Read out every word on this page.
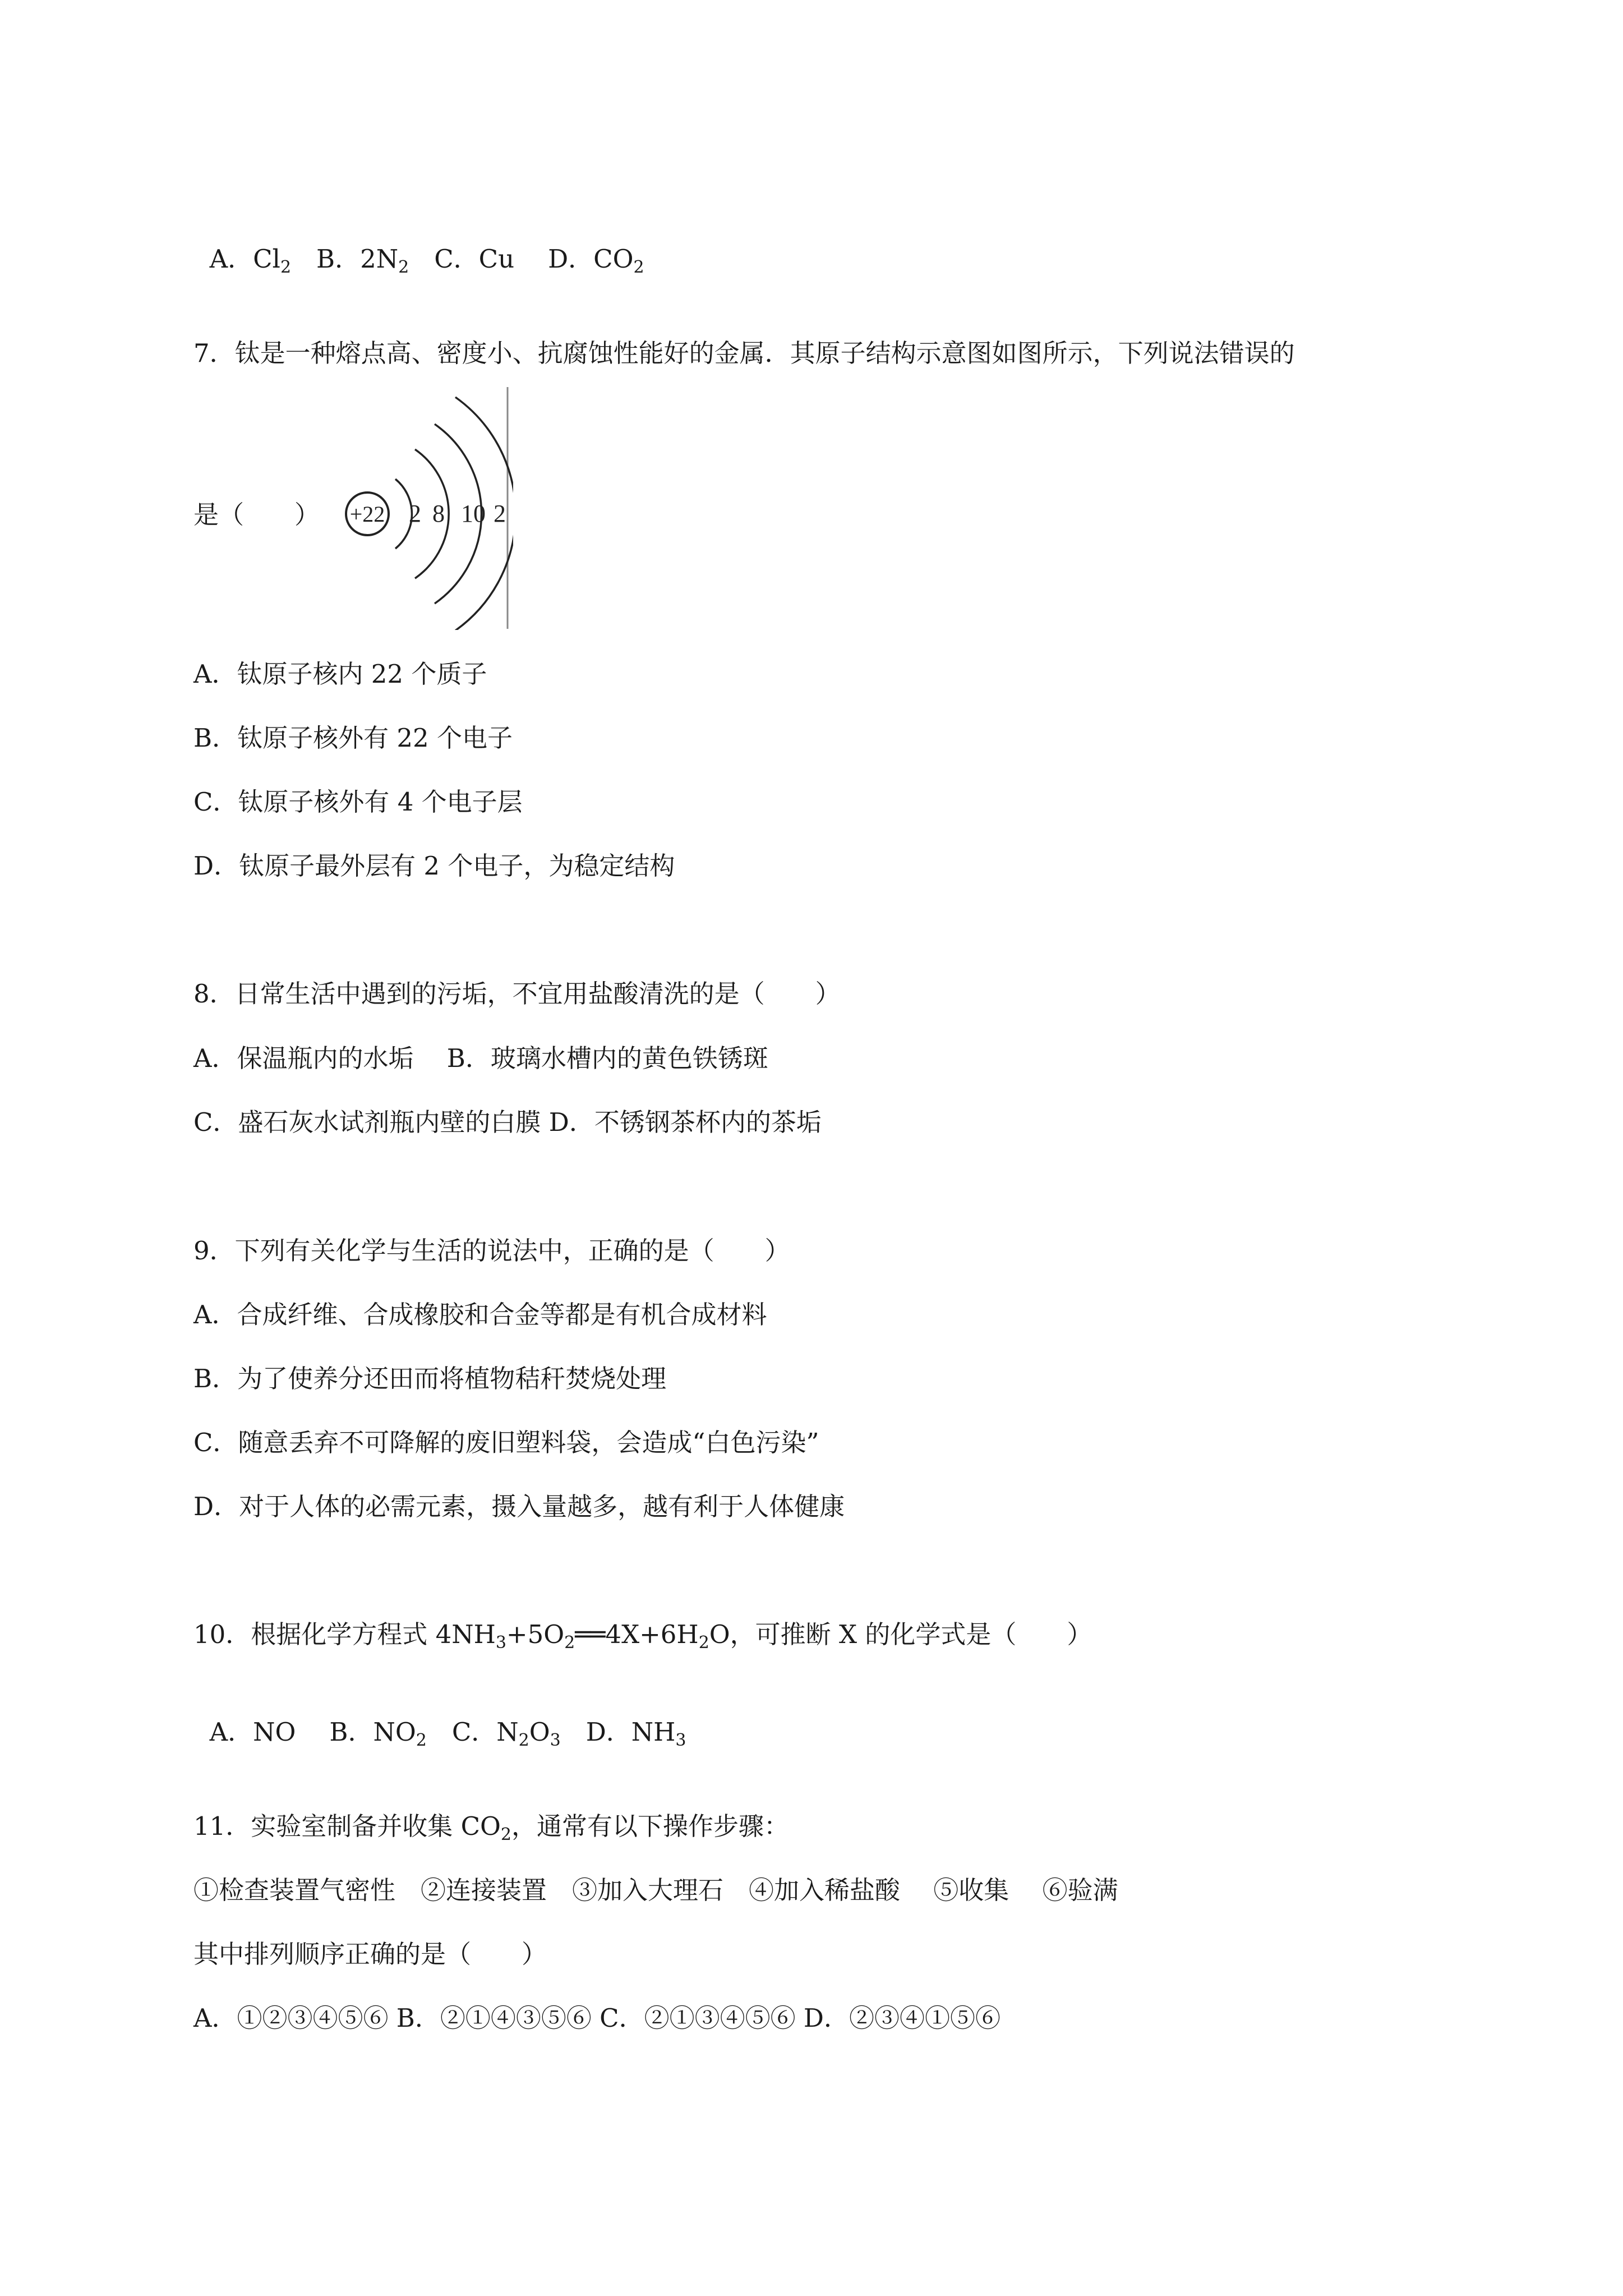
A．$Cl_2$ B．$2N_2$ C．Cu D．$CO_2$

7．钛是一种熔点高、密度小、抗腐蚀性能好的金属．其原子结构示意图如图所示，下列说法错误的
是（　　） +22 2 8 10 2
A．钛原子核内 22 个质子
B．钛原子核外有 22 个电子
C．钛原子核外有 4 个电子层
D．钛原子最外层有 2 个电子，为稳定结构
8．日常生活中遇到的污垢，不宜用盐酸清洗的是（　　）
A．保温瓶内的水垢　 B．玻璃水槽内的黄色铁锈斑
C．盛石灰水试剂瓶内壁的白膜 D．不锈钢茶杯内的茶垢
9．下列有关化学与生活的说法中，正确的是（　　）
A．合成纤维、合成橡胶和合金等都是有机合成材料
B．为了使养分还田而将植物秸秆焚烧处理
C．随意丢弃不可降解的废旧塑料袋，会造成“白色污染”
D．对于人体的必需元素，摄入量越多，越有利于人体健康
10．根据化学方程式 $4NH_3+5O_2══4X+6H_2O$，可推断 X 的化学式是（　　）

A．NO B．$NO_2$ C．$N_2O_3$ D．$NH_3$

11．实验室制备并收集 $CO_2$，通常有以下操作步骤：
①检查装置气密性　②连接装置　③加入大理石　④加入稀盐酸　 ⑤收集　 ⑥验满
其中排列顺序正确的是（　　）
A．①②③④⑤⑥ B．②①④③⑤⑥ C．②①③④⑤⑥ D．②③④①⑤⑥
